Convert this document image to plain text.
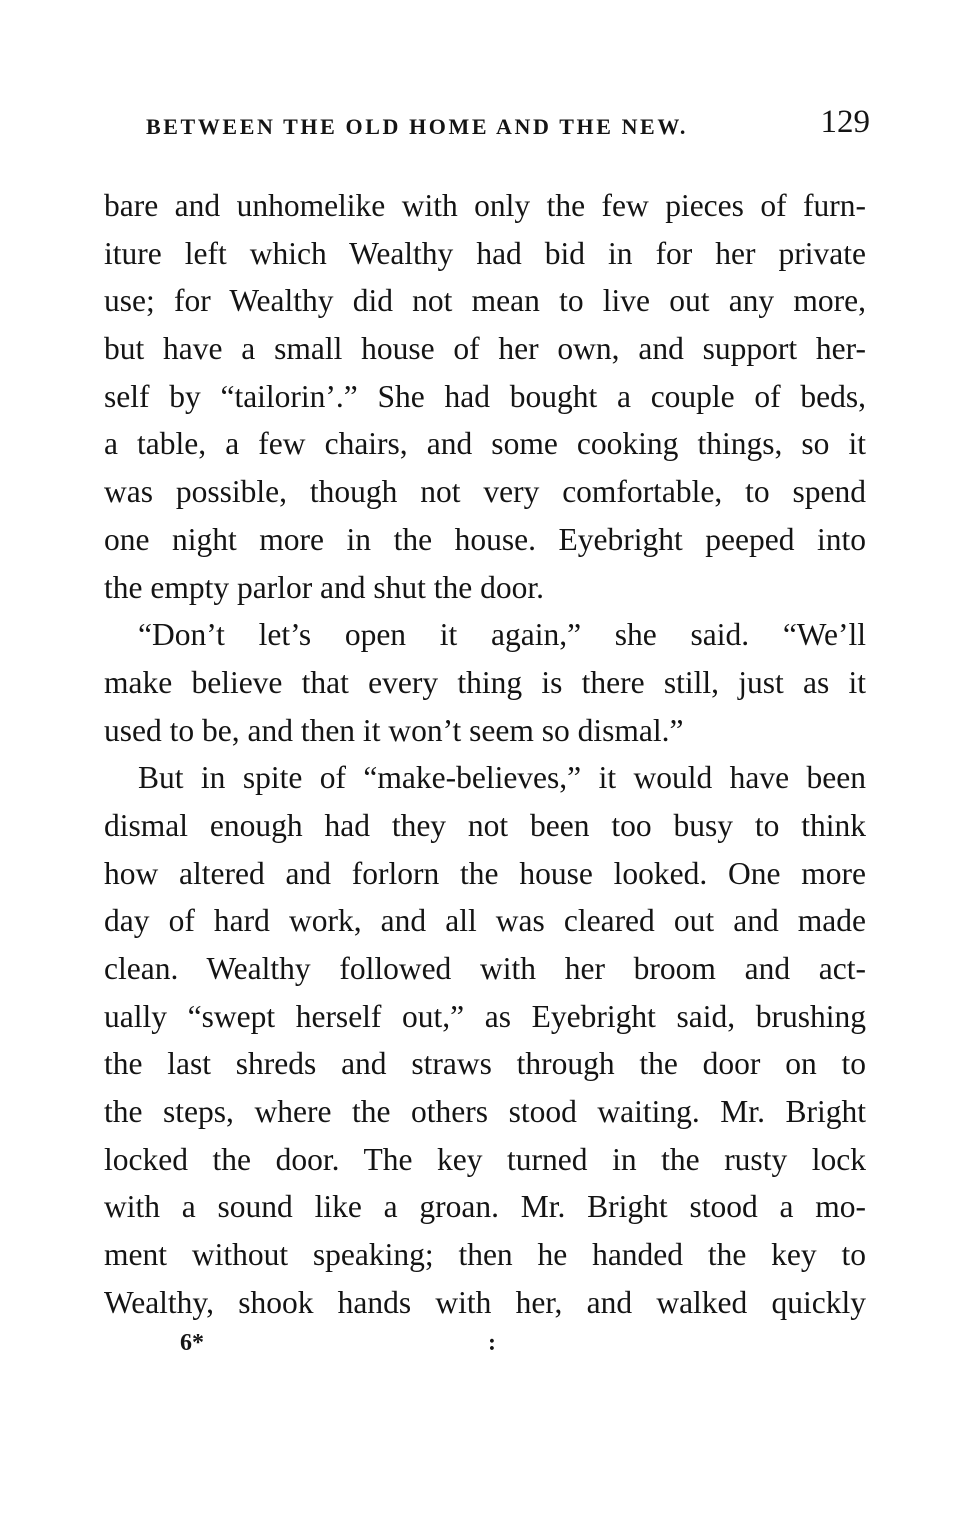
BETWEEN THE OLD HOME AND THE NEW.	129
bare and unhomelike with only the few pieces of furn-
iture left which Wealthy had bid in for her private
use; for Wealthy did not mean to live out any more,
but have a small house of her own, and support her-
self by “tailorin’.” She had bought a couple of beds,
a table, a few chairs, and some cooking things, so it
was possible, though not very comfortable, to spend
one night more in the house. Eyebright peeped into
the empty parlor and shut the door.
“Don’t let’s open it again,” she said. “We’ll
make believe that every thing is there still, just as it
used to be, and then it won’t seem so dismal.”
But in spite of “make-believes,” it would have been
dismal enough had they not been too busy to think
how altered and forlorn the house looked. One more
day of hard work, and all was cleared out and made
clean. Wealthy followed with her broom and act-
ually “swept herself out,” as Eyebright said, brushing
the last shreds and straws through the door on to
the steps, where the others stood waiting. Mr. Bright
locked the door. The key turned in the rusty lock
with a sound like a groan. Mr. Bright stood a mo-
ment without speaking; then he handed the key to
Wealthy, shook hands with her, and walked quickly
6*	:
